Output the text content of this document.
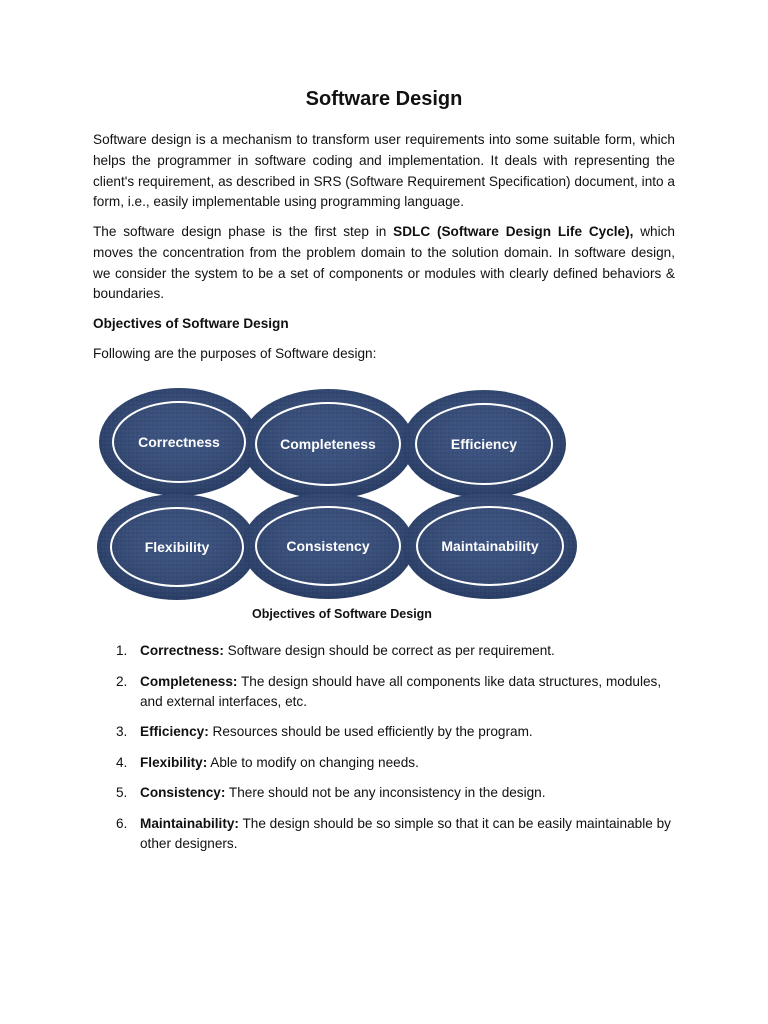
Software Design

Software design is a mechanism to transform user requirements into some suitable form, which helps the programmer in software coding and implementation. It deals with representing the client's requirement, as described in SRS (Software Requirement Specification) document, into a form, i.e., easily implementable using programming language.

The software design phase is the first step in SDLC (Software Design Life Cycle), which moves the concentration from the problem domain to the solution domain. In software design, we consider the system to be a set of components or modules with clearly defined behaviors & boundaries.

Objectives of Software Design

Following are the purposes of Software design:

Correctness	Completeness	Efficiency
Flexibility	Consistency	Maintainability
Objectives of Software Design
1. Correctness: Software design should be correct as per requirement.
2. Completeness: The design should have all components like data structures, modules, and external interfaces, etc.
3. Efficiency: Resources should be used efficiently by the program.
4. Flexibility: Able to modify on changing needs.
5. Consistency: There should not be any inconsistency in the design.
6. Maintainability: The design should be so simple so that it can be easily maintainable by other designers.
